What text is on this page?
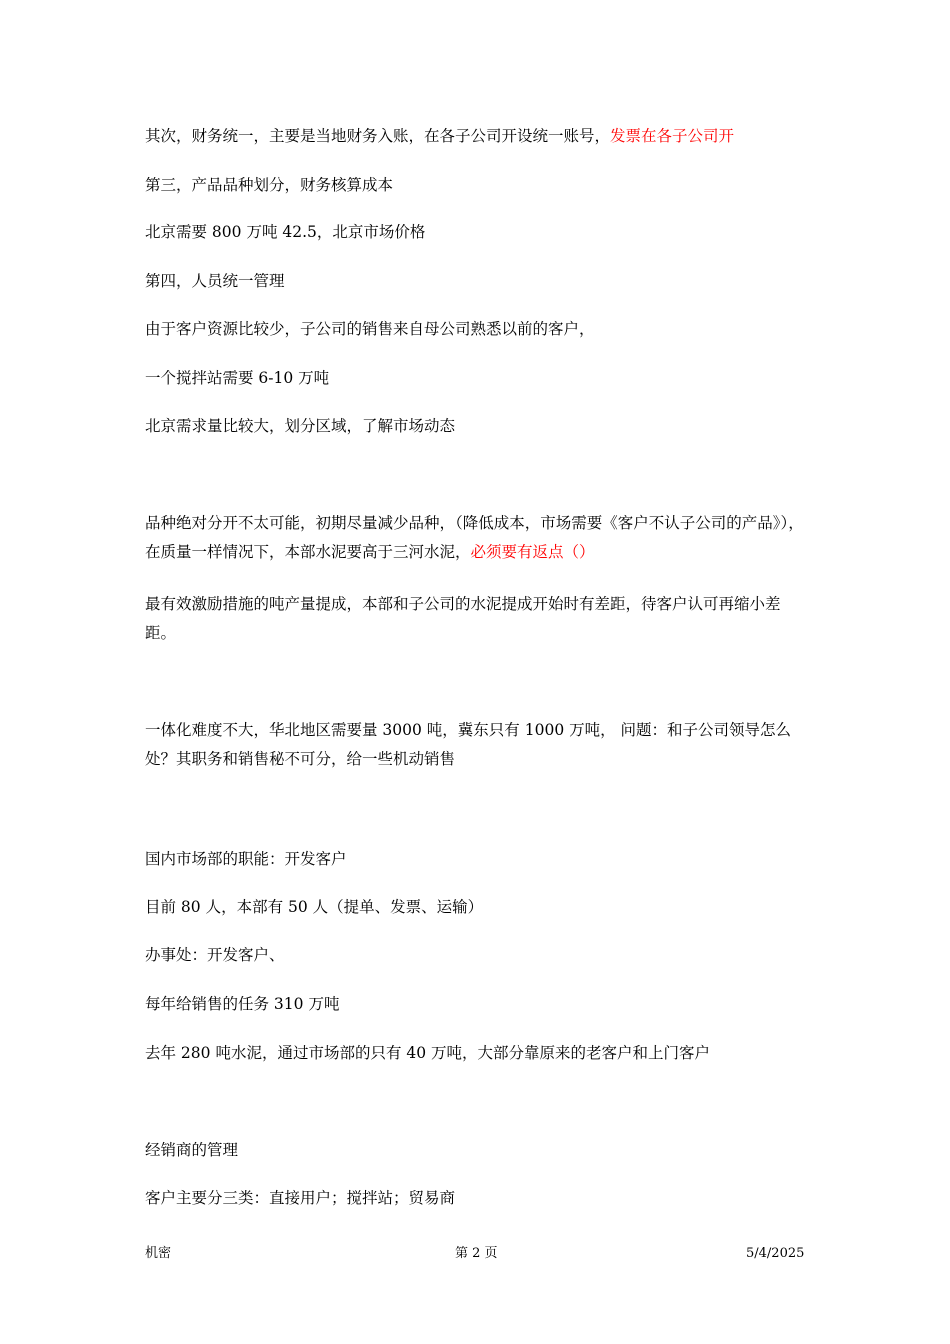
其次，财务统一，主要是当地财务入账，在各子公司开设统一账号，发票在各子公司开

第三，产品品种划分，财务核算成本

北京需要 800 万吨 42.5，北京市场价格

第四，人员统一管理

由于客户资源比较少，子公司的销售来自母公司熟悉以前的客户，

一个搅拌站需要 6-10 万吨

北京需求量比较大，划分区域，了解市场动态

品种绝对分开不太可能，初期尽量减少品种，（降低成本，市场需要《客户不认子公司的产品》），在质量一样情况下，本部水泥要高于三河水泥，必须要有返点（）

最有效激励措施的吨产量提成，本部和子公司的水泥提成开始时有差距，待客户认可再缩小差距。

一体化难度不大，华北地区需要量 3000 吨，冀东只有 1000 万吨， 问题：和子公司领导怎么处？其职务和销售秘不可分，给一些机动销售

国内市场部的职能：开发客户

目前 80 人，本部有 50 人（提单、发票、运输）

办事处：开发客户、

每年给销售的任务 310 万吨

去年 280 吨水泥，通过市场部的只有 40 万吨，大部分靠原来的老客户和上门客户

经销商的管理

客户主要分三类：直接用户；搅拌站；贸易商

机密	第 2 页	5/4/2025
